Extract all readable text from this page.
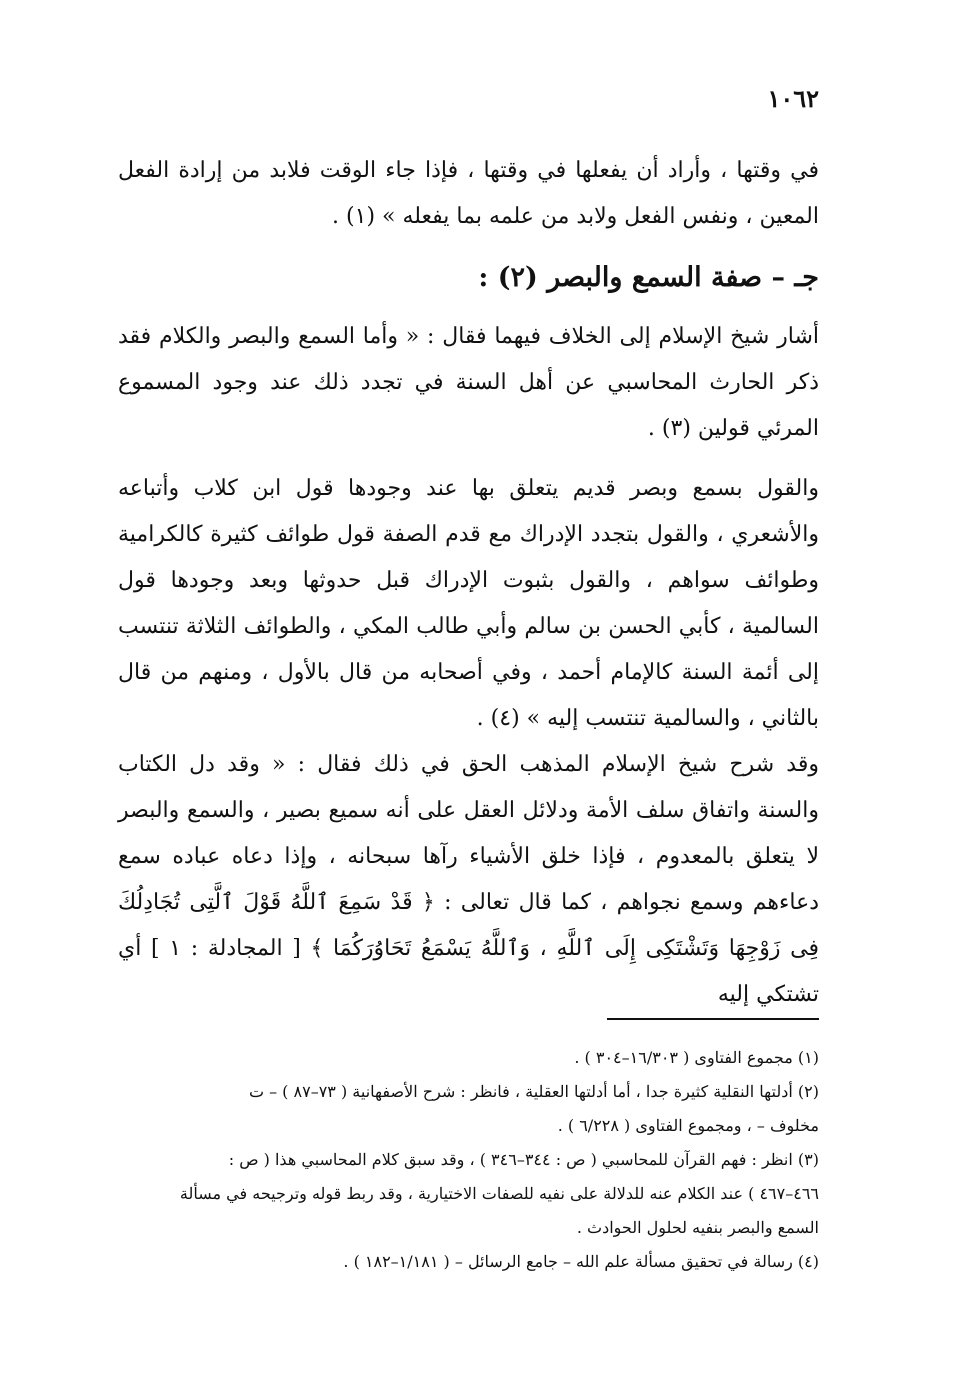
١٠٦٢

في وقتها ، وأراد أن يفعلها في وقتها ، فإذا جاء الوقت فلابد من إرادة الفعل المعين ، ونفس الفعل ولابد من علمه بما يفعله » (١) .

جـ – صفة السمع والبصر (٢) :

أشار شيخ الإسلام إلى الخلاف فيهما فقال : « وأما السمع والبصر والكلام فقد ذكر الحارث المحاسبي عن أهل السنة في تجدد ذلك عند وجود المسموع المرئي قولين (٣) .

والقول بسمع وبصر قديم يتعلق بها عند وجودها قول ابن كلاب وأتباعه والأشعري ، والقول بتجدد الإدراك مع قدم الصفة قول طوائف كثيرة كالكرامية وطوائف سواهم ، والقول بثبوت الإدراك قبل حدوثها وبعد وجودها قول السالمية ، كأبي الحسن بن سالم وأبي طالب المكي ، والطوائف الثلاثة تنتسب إلى أئمة السنة كالإمام أحمد ، وفي أصحابه من قال بالأول ، ومنهم من قال بالثاني ، والسالمية تنتسب إليه » (٤) .

وقد شرح شيخ الإسلام المذهب الحق في ذلك فقال : « وقد دل الكتاب والسنة واتفاق سلف الأمة ودلائل العقل على أنه سميع بصير ، والسمع والبصر لا يتعلق بالمعدوم ، فإذا خلق الأشياء رآها سبحانه ، وإذا دعاه عباده سمع دعاءهم وسمع نجواهم ، كما قال تعالى : ﴿ قَدْ سَمِعَ ٱللَّهُ قَوْلَ ٱلَّتِى تُجَادِلُكَ فِى زَوْجِهَا وَتَشْتَكِى إِلَى ٱللَّهِ ، وَٱللَّهُ يَسْمَعُ تَحَاوُرَكُمَا ﴾ [ المجادلة : ١ ] أي تشتكي إليه

(١) مجموع الفتاوى ( ١٦/٣٠٣–٣٠٤ ) .

(٢) أدلتها النقلية كثيرة جدا ، أما أدلتها العقلية ، فانظر : شرح الأصفهانية ( ٧٣–٨٧ ) – ت

مخلوف – ، ومجموع الفتاوى ( ٦/٢٢٨ ) .

(٣) انظر : فهم القرآن للمحاسبي ( ص : ٣٤٤–٣٤٦ ) ، وقد سبق كلام المحاسبي هذا ( ص :

٤٦٦–٤٦٧ ) عند الكلام عنه للدلالة على نفيه للصفات الاختيارية ، وقد ربط قوله وترجيحه في مسألة

السمع والبصر بنفيه لحلول الحوادث .

(٤) رسالة في تحقيق مسألة علم الله – جامع الرسائل – ( ١/١٨١–١٨٢ ) .
